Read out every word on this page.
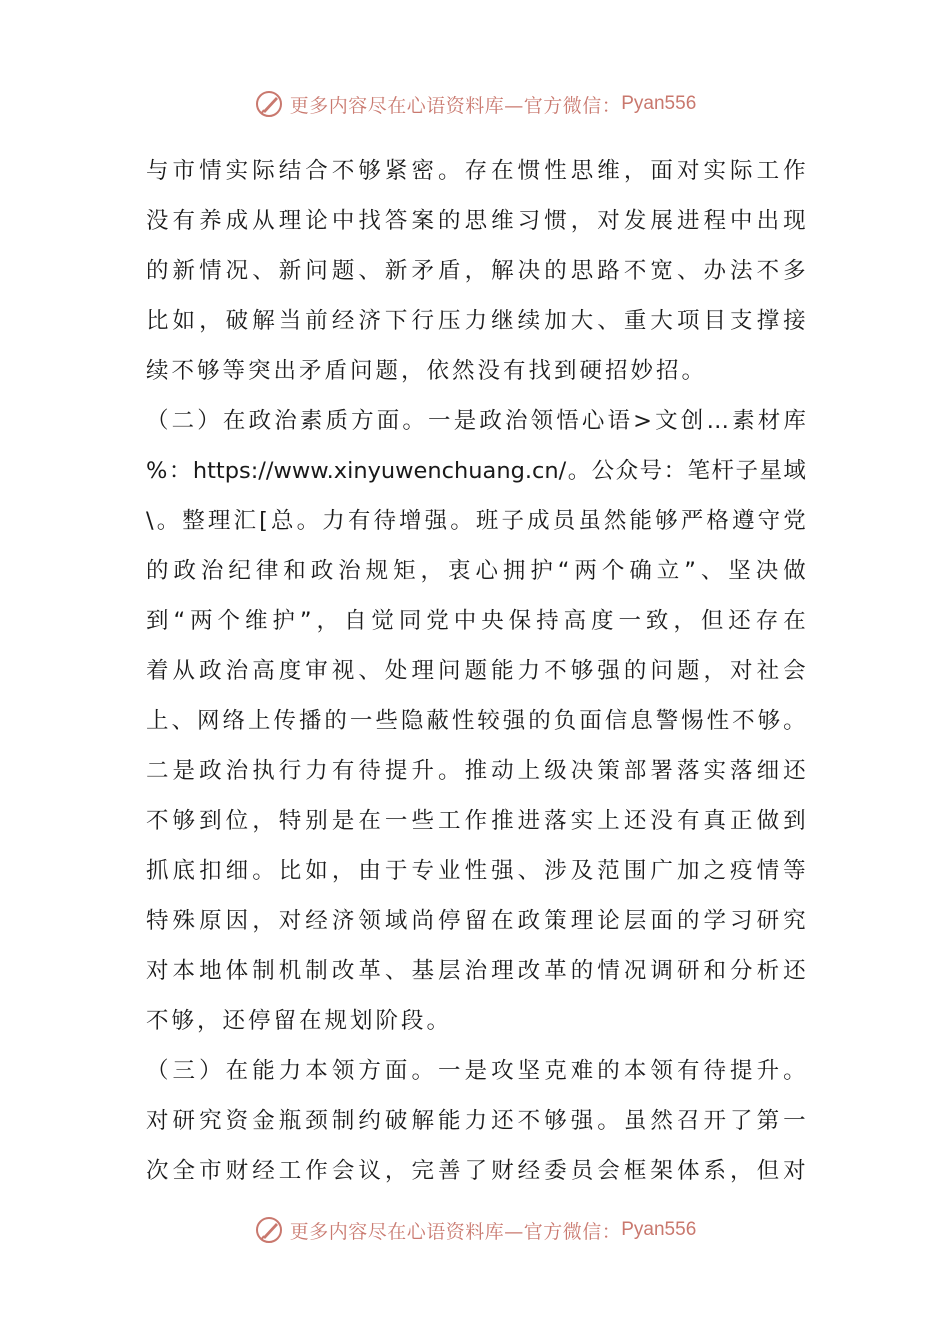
更多内容尽在心语资料库—官方微信： Pyan556
与 市 情 实 际 结 合 不 够 紧 密 。 存 在 惯 性 思 维 ， 面 对 实 际 工 作
没 有 养 成 从 理 论 中 找 答 案 的 思 维 习 惯 ， 对 发 展 进 程 中 出 现
的 新 情 况 、 新 问 题 、 新 矛 盾 ， 解 决 的 思 路 不 宽 、 办 法 不 多
比 如 ， 破 解 当 前 经 济 下 行 压 力 继 续 加 大 、 重 大 项 目 支 撑 接
续不够等突出矛盾问题，依然没有找到硬招妙招。
（ 二 ） 在 政 治 素 质 方 面 。 一 是 政 治 领 悟 心 语 > 文 创 … 素 材 库
% ： https://www.xinyuwenchuang.cn/ 。 公 众 号 ： 笔 杆 子 星 域
\ 。 整 理 汇 [ 总 。 力 有 待 增 强 。 班 子 成 员 虽 然 能 够 严 格 遵 守 党
的 政 治 纪 律 和 政 治 规 矩 ， 衷 心 拥 护 “ 两 个 确 立 ” 、 坚 决 做
到 “ 两 个 维 护 ” ， 自 觉 同 党 中 央 保 持 高 度 一 致 ， 但 还 存 在
着 从 政 治 高 度 审 视 、 处 理 问 题 能 力 不 够 强 的 问 题 ， 对 社 会
上 、 网 络 上 传 播 的 一 些 隐 蔽 性 较 强 的 负 面 信 息 警 惕 性 不 够 。
二 是 政 治 执 行 力 有 待 提 升 。 推 动 上 级 决 策 部 署 落 实 落 细 还
不 够 到 位 ， 特 别 是 在 一 些 工 作 推 进 落 实 上 还 没 有 真 正 做 到
抓 底 扣 细 。 比 如 ， 由 于 专 业 性 强 、 涉 及 范 围 广 加 之 疫 情 等
特 殊 原 因 ， 对 经 济 领 域 尚 停 留 在 政 策 理 论 层 面 的 学 习 研 究
对 本 地 体 制 机 制 改 革 、 基 层 治 理 改 革 的 情 况 调 研 和 分 析 还
不够，还停留在规划阶段。
（ 三 ） 在 能 力 本 领 方 面 。 一 是 攻 坚 克 难 的 本 领 有 待 提 升 。
对 研 究 资 金 瓶 颈 制 约 破 解 能 力 还 不 够 强 。 虽 然 召 开 了 第 一
次 全 市 财 经 工 作 会 议 ， 完 善 了 财 经 委 员 会 框 架 体 系 ， 但 对
更多内容尽在心语资料库—官方微信： Pyan556
